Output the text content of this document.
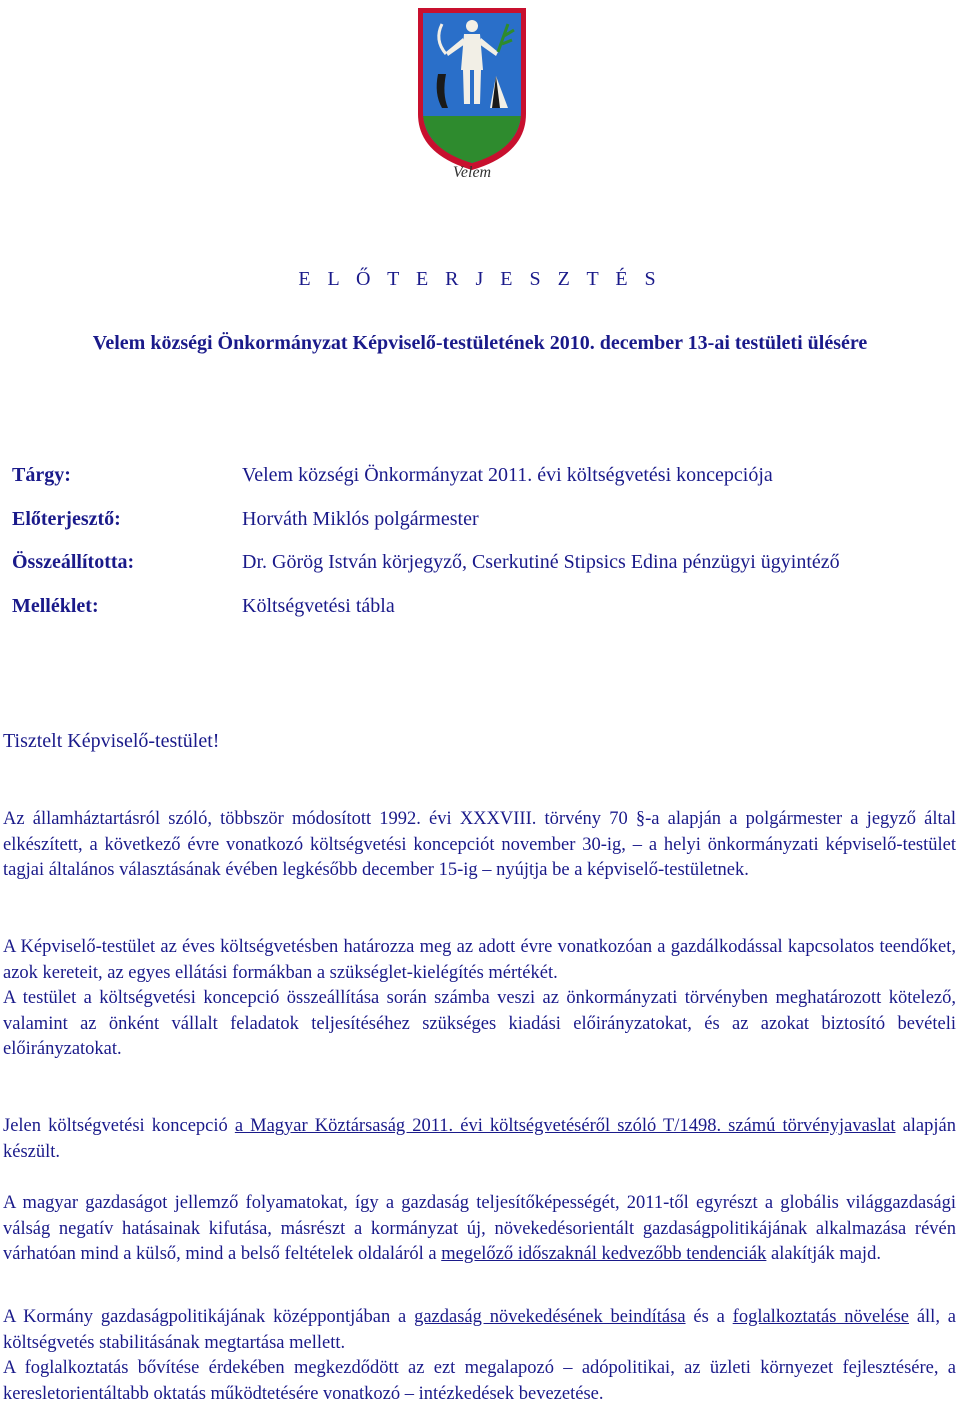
Velem
E L Ő T E R J E S Z T É S
Velem községi Önkormányzat Képviselő-testületének 2010. december 13-ai testületi ülésére
Tárgy:	Velem községi Önkormányzat 2011. évi költségvetési koncepciója
Előterjesztő:	Horváth Miklós polgármester
Összeállította:	Dr. Görög István körjegyző, Cserkutiné Stipsics Edina pénzügyi ügyintéző
Melléklet:	Költségvetési tábla
Tisztelt Képviselő-testület!

Az államháztartásról szóló, többször módosított 1992. évi XXXVIII. törvény 70 §-a alapján a polgármester a jegyző által elkészített, a következő évre vonatkozó költségvetési koncepciót november 30-ig, – a helyi önkormányzati képviselő-testület tagjai általános választásának évében legkésőbb december 15-ig – nyújtja be a képviselő-testületnek.

A Képviselő-testület az éves költségvetésben határozza meg az adott évre vonatkozóan a gazdálkodással kapcsolatos teendőket, azok kereteit, az egyes ellátási formákban a szükséglet-kielégítés mértékét.

A testület a költségvetési koncepció összeállítása során számba veszi az önkormányzati törvényben meghatározott kötelező, valamint az önként vállalt feladatok teljesítéséhez szükséges kiadási előirányzatokat, és az azokat biztosító bevételi előirányzatokat.

Jelen költségvetési koncepció a Magyar Köztársaság 2011. évi költségvetéséről szóló T/1498. számú törvényjavaslat alapján készült.

A magyar gazdaságot jellemző folyamatokat, így a gazdaság teljesítőképességét, 2011-től egyrészt a globális világgazdasági válság negatív hatásainak kifutása, másrészt a kormányzat új, növekedésorientált gazdaságpolitikájának alkalmazása révén várhatóan mind a külső, mind a belső feltételek oldaláról a megelőző időszaknál kedvezőbb tendenciák alakítják majd.

A Kormány gazdaságpolitikájának középpontjában a gazdaság növekedésének beindítása és a foglalkoztatás növelése áll, a költségvetés stabilitásának megtartása mellett.

A foglalkoztatás bővítése érdekében megkezdődött az ezt megalapozó – adópolitikai, az üzleti környezet fejlesztésére, a keresletorientáltabb oktatás működtetésére vonatkozó – intézkedések bevezetése.
